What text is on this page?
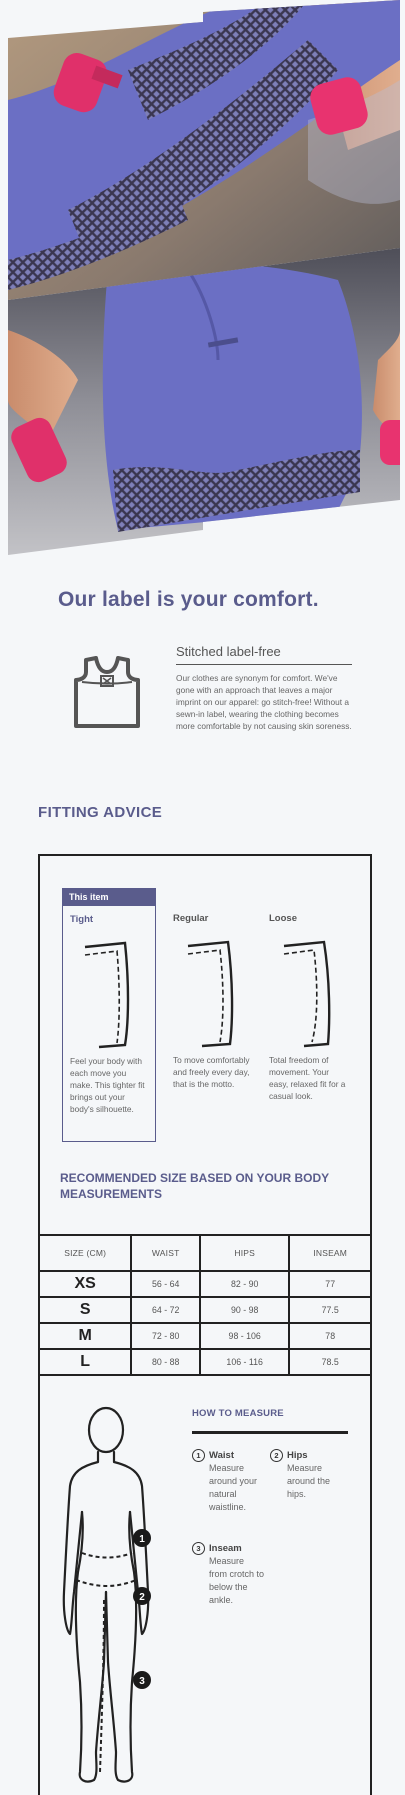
Our label is your comfort.
Stitched label-free

Our clothes are synonym for comfort. We've gone with an approach that leaves a major imprint on our apparel: go stitch-free! Without a sewn-in label, wearing the clothing becomes more comfortable by not causing skin soreness.

FITTING ADVICE
This item
Tight

Feel your body with each move you make. This tighter fit brings out your body's silhouette.

Regular

To move comfortably and freely every day, that is the motto.

Loose

Total freedom of movement. Your easy, relaxed fit for a casual look.

RECOMMENDED SIZE BASED ON YOUR BODY MEASUREMENTS
SIZE (CM)	WAIST	HIPS	INSEAM
XS	56 - 64	82 - 90	77
S	64 - 72	90 - 98	77.5
M	72 - 80	98 - 106	78
L	80 - 88	106 - 116	78.5
1
2
3
HOW TO MEASURE
1 Waist
Measure around your natural waistline.
2 Hips
Measure around the hips.
3 Inseam
Measure from crotch to below the ankle.
